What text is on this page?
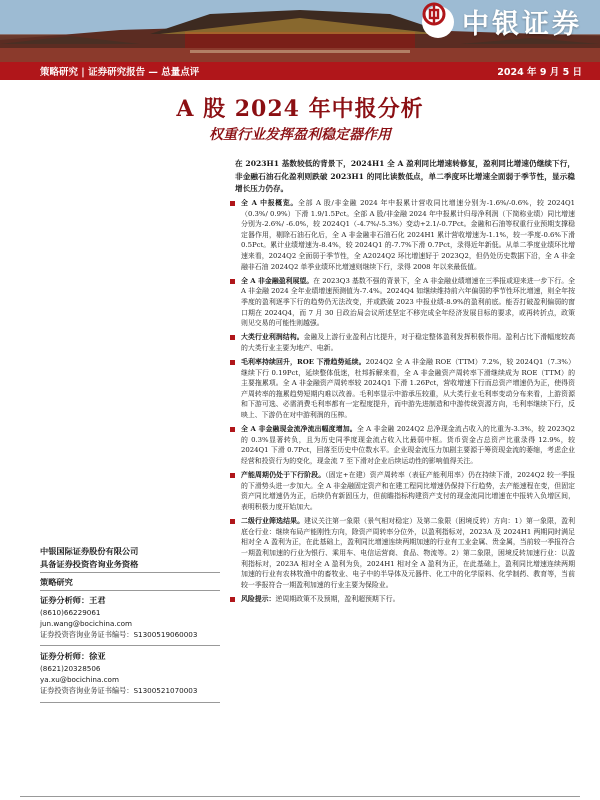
中银证券
策略研究 | 证券研究报告 — 总量点评	2024 年 9 月 5 日
A 股 2024 年中报分析
权重行业发挥盈利稳定器作用
在 2023H1 基数较低的背景下，2024H1 全 A 盈利同比增速转修复，盈利同比增速仍继续下行，非金融石油石化盈利则跌破 2023H1 的同比读数低点，单二季度环比增速全面弱于季节性，显示稳增长压力仍存。
全 A 中报概览。全部 A 股/非金融 2024 年中报累计营收同比增速分别为-1.6%/-0.6%，较 2024Q1（0.3%/ 0.9%）下滑 1.9/1.5Pct。全部 A 股/非金融 2024 年中报累计归母净利润（下简称业绩）同比增速分别为-2.6%/ -6.0%，较 2024Q1（-4.7%/-5.3%）变动+2.1/-0.7Pct。金融和石油等权重行业预期支撑稳定器作用，剔除石油石化后，全 A 非金融非石油石化 2024H1 累计营收增速为-1.1%，较一季度-0.6%下滑 0.5Pct。累计业绩增速为-8.4%，较 2024Q1 的-7.7%下滑 0.7Pct，录得近年新低。从单二季度业绩环比增速来看，2024Q2 全面弱于季节性，全 A2024Q2 环比增速好于 2023Q2，但仍处历史数据下沿，全 A 非金融非石油 2024Q2 单季业绩环比增速则继续下行，录得 2008 年以来最低值。
全 A 非金融盈利展望。在 2023Q3 基数不强的背景下，全 A 非金融业绩增速在三季报或迎来进一步下行。全 A 非金融 2024 全年业绩增速预测值为-7.4%。2024Q4 如继续维持前六年偏弱的季节性环比增速，则全年按季度的盈利逐季下行的趋势仍无法改变，并或跌破 2023 中报业绩-8.9%的盈利前底。能否打破盈利偏弱的窗口期在 2024Q4，而 7 月 30 日政治局会议所述坚定不移完成全年经济发展目标的要求，或再转折点，政策则见交易的可能性则越强。
大类行业利润结构。金融及上游行业盈利占比提升，对于稳定整体盈利发挥积极作用。盈利占比下滑幅度较高的大类行业主要为地产、电新。
毛利率持续回升，ROE 下滑趋势延续。2024Q2 全 A 非金融 ROE（TTM）7.2%，较 2024Q1（7.3%）继续下行 0.19Pct，延续整体低迷，杜邦拆解来看，全 A 非金融资产周转率下滑继续成为 ROE（TTM）的主要拖累项。全 A 非金融资产周转率较 2024Q1 下滑 1.26Pct，营收增速下行而总资产增速仍为正，使得资产周转率的拖累趋势短期内难以改善。毛利率显示中游承压较重，从大类行业毛利率变动分布来看，上游资源和下游可选、必需消费毛利率都有一定程度提升，而中游先进制造和中游传统资源方向，毛利率继续下行，反映上、下游仍在对中游利润的压榨。
全 A 非金融现金流净流出幅度增加。全 A 非金融 2024Q2 总净现金流占收入的比重为-3.3%，较 2023Q2 的 0.3%显著转负，且为历史同季度现金流占收入比最弱中枢。货币资金占总资产比重录得 12.9%，较 2024Q1 下滑 0.7Pct，回落至历史中位数水平。企业现金流压力加剧主要源于筹资现金流的萎缩，考虑企业经营和投资行为的变化，现金流 7 至下滑对企业后续运动性的影响值得关注。
产能周期仍处于下行阶段。（固定+在建）资产周转率（表征产能利用率）仍在持续下滑，2024Q2 较一季报的下滑势头进一步加大。全 A 非金融固定资产和在建工程同比增速仍保持下行趋势，去产能速程在变，但固定资产同比增速仍为正，后续仍有新固压力，但前瞻指标构建资产支付的现金流同比增速在中报转入负增区间，表明积极力度开始加大。
二级行业筛选结果。建议关注第一象限（景气相对稳定）及第二象限（困境反转）方向：1）第一象限，盈利底仓行业：继续布局产能刚性方向，除资产周转率分位外，以盈利指标对，2023A 及 2024H1 两期同时满足相对全 A 盈利为正，在此基础上，盈利同比增速连续两期加速的行业有工业金属、贵金属，当前较一季报符合一期盈利加速的行业为银行、乘用车、电信运营商、食品、物流等。2）第二象限，困境反转加速行业：以盈利指标对，2023A 相对全 A 盈利为负，2024H1 相对全 A 盈利为正，在此基础上，盈利同比增速连续两期加速的行业有农林牧渔中的畜牧业、电子中的半导体及元器件、化工中的化学原料、化学制药、教育等，当前较一季报符合一期盈利加速的行业主要为保险业。
风险提示：逆周期政策不及预期，盈利超预期下行。
中银国际证券股份有限公司
具备证券投资咨询业务资格
策略研究
证券分析师：王君
(8610)66229061
jun.wang@bocichina.com
证券投资咨询业务证书编号：S1300519060003
证券分析师：徐亚
(8621)20328506
ya.xu@bocichina.com
证券投资咨询业务证书编号：S1300521070003
